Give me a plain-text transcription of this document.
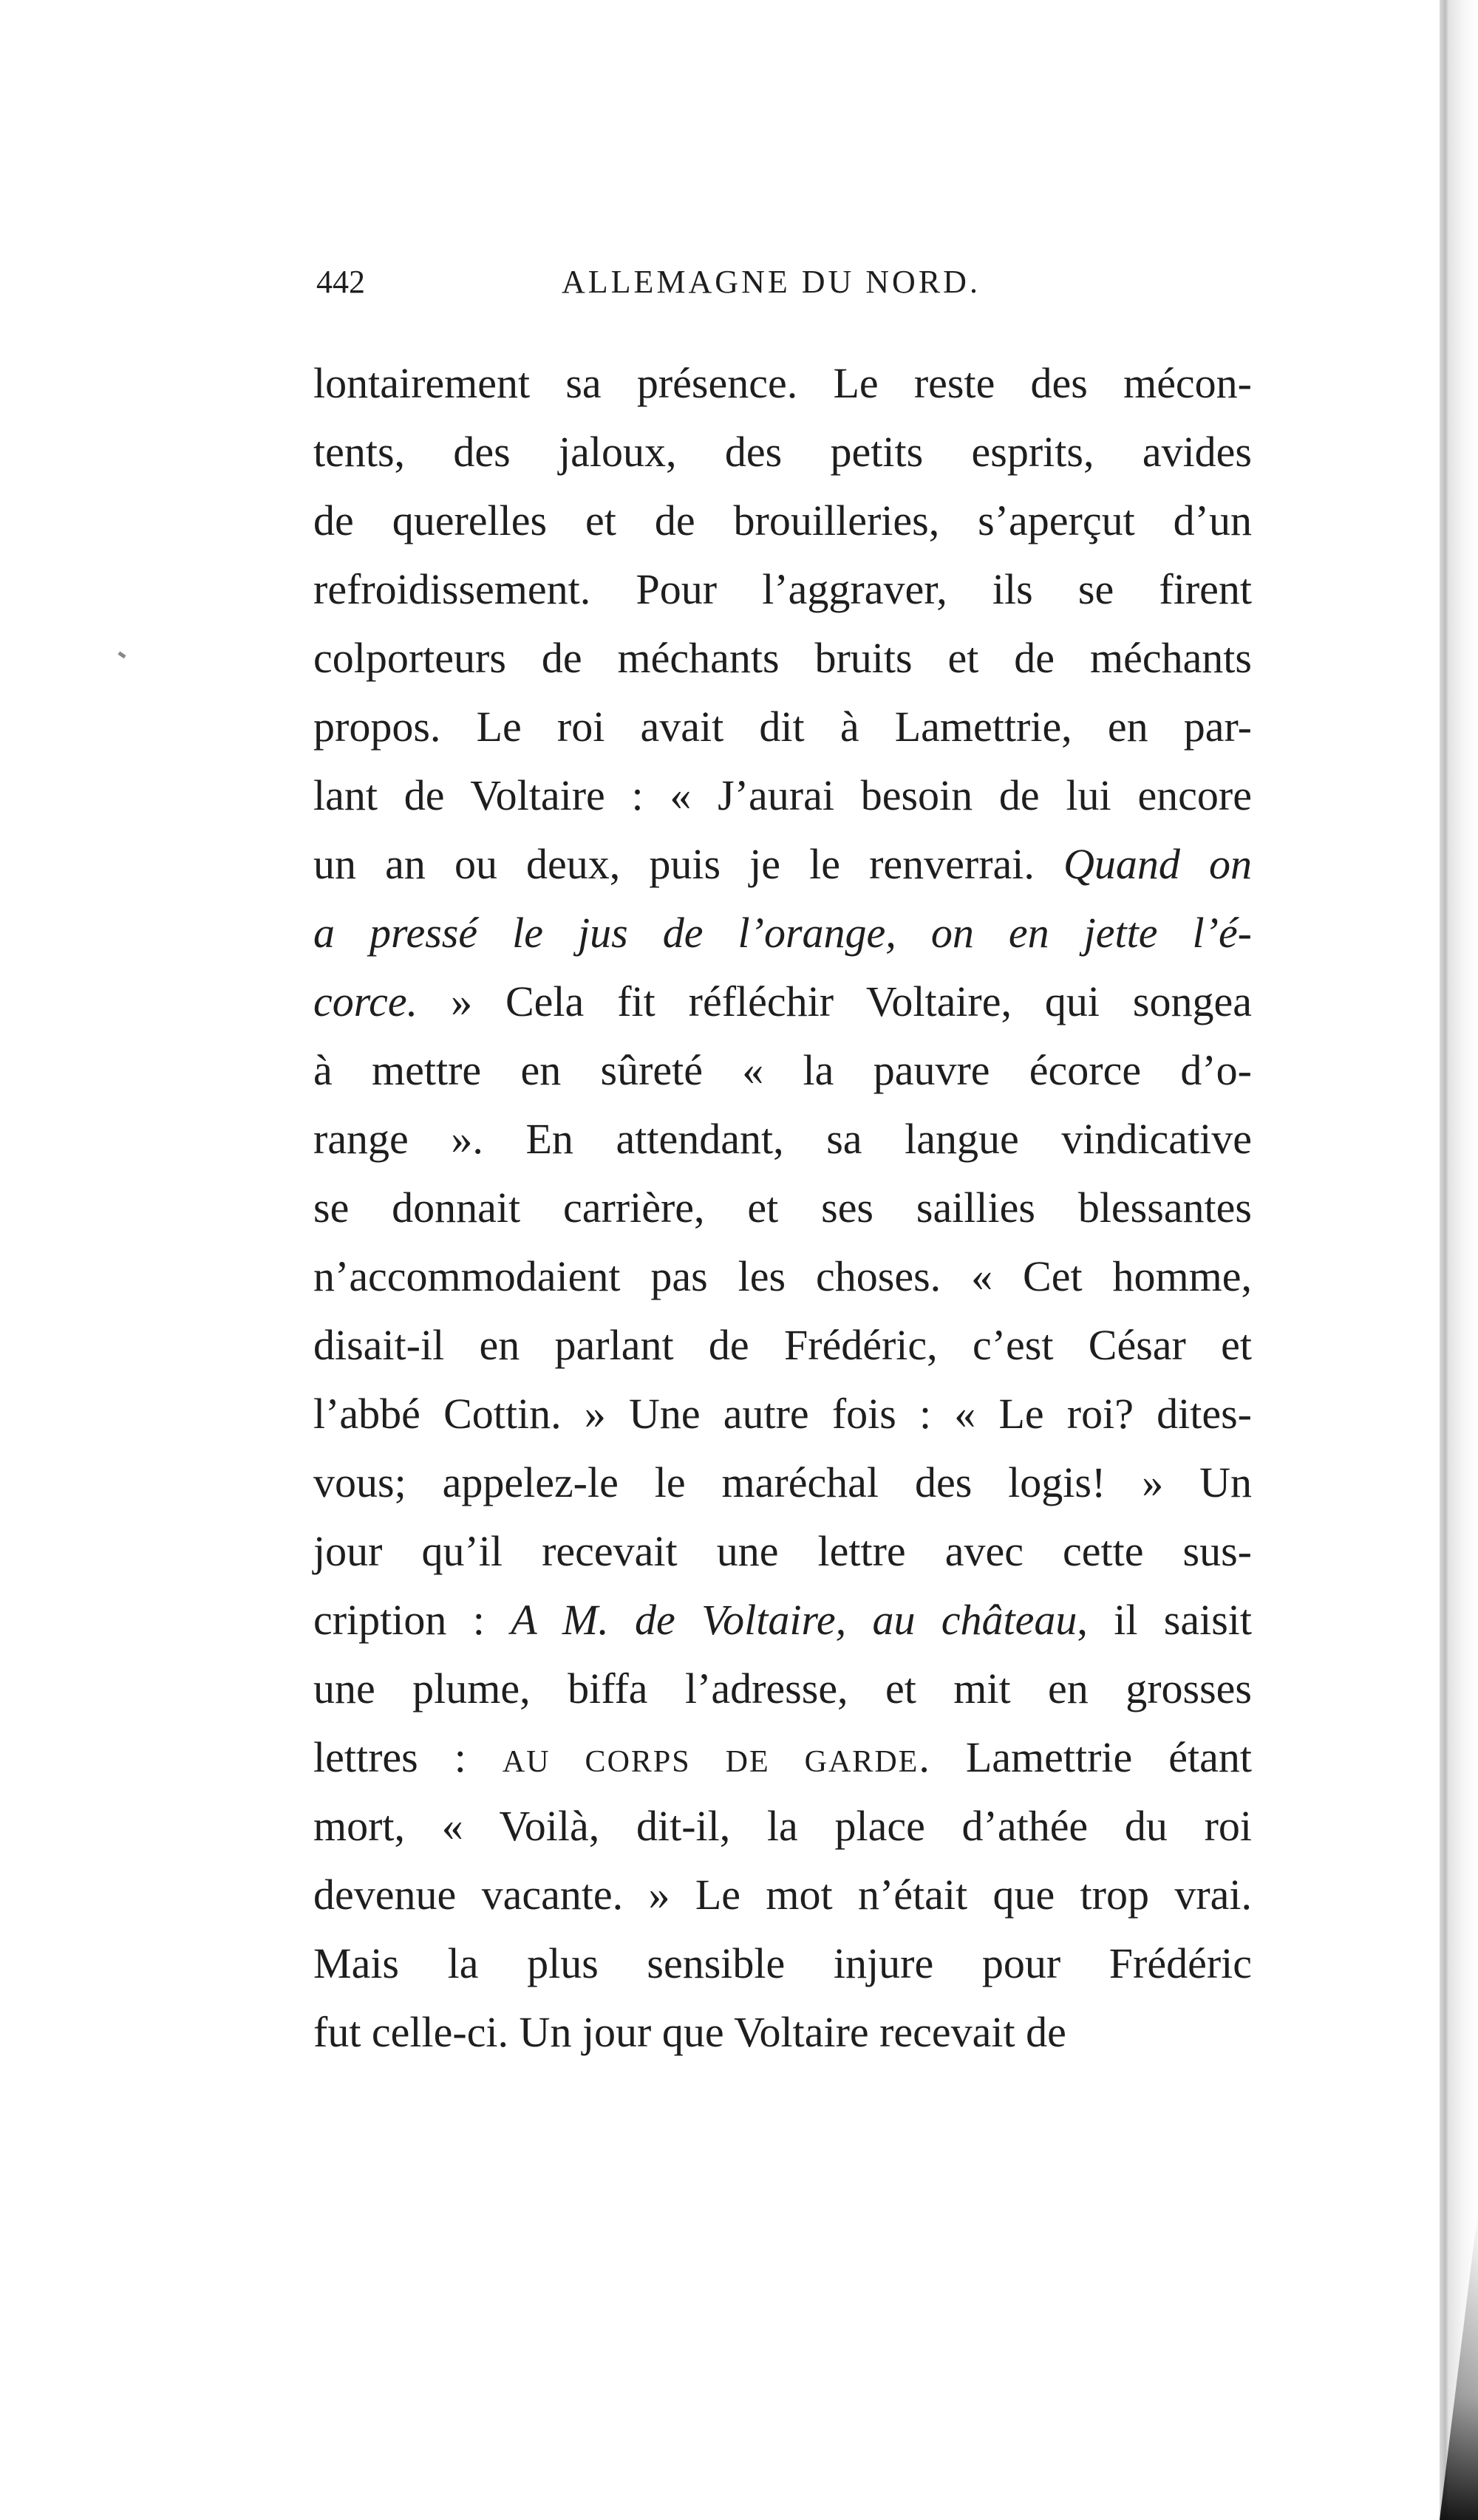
442	ALLEMAGNE DU NORD.
lontairement sa présence. Le reste des mécon-
tents, des jaloux, des petits esprits, avides
de querelles et de brouilleries, s’aperçut d’un
refroidissement. Pour l’aggraver, ils se firent
colporteurs de méchants bruits et de méchants
propos. Le roi avait dit à Lamettrie, en par-
lant de Voltaire : « J’aurai besoin de lui encore
un an ou deux, puis je le renverrai. Quand on
a pressé le jus de l’orange, on en jette l’é-
corce. » Cela fit réfléchir Voltaire, qui songea
à mettre en sûreté « la pauvre écorce d’o-
range ». En attendant, sa langue vindicative
se donnait carrière, et ses saillies blessantes
n’accommodaient pas les choses. « Cet homme,
disait-il en parlant de Frédéric, c’est César et
l’abbé Cottin. » Une autre fois : « Le roi? dites-
vous; appelez-le le maréchal des logis! » Un
jour qu’il recevait une lettre avec cette sus-
cription : A M. de Voltaire, au château, il saisit
une plume, biffa l’adresse, et mit en grosses
lettres : AU CORPS DE GARDE. Lamettrie étant
mort, « Voilà, dit-il, la place d’athée du roi
devenue vacante. » Le mot n’était que trop vrai.
Mais la plus sensible injure pour Frédéric
fut celle-ci. Un jour que Voltaire recevait de
